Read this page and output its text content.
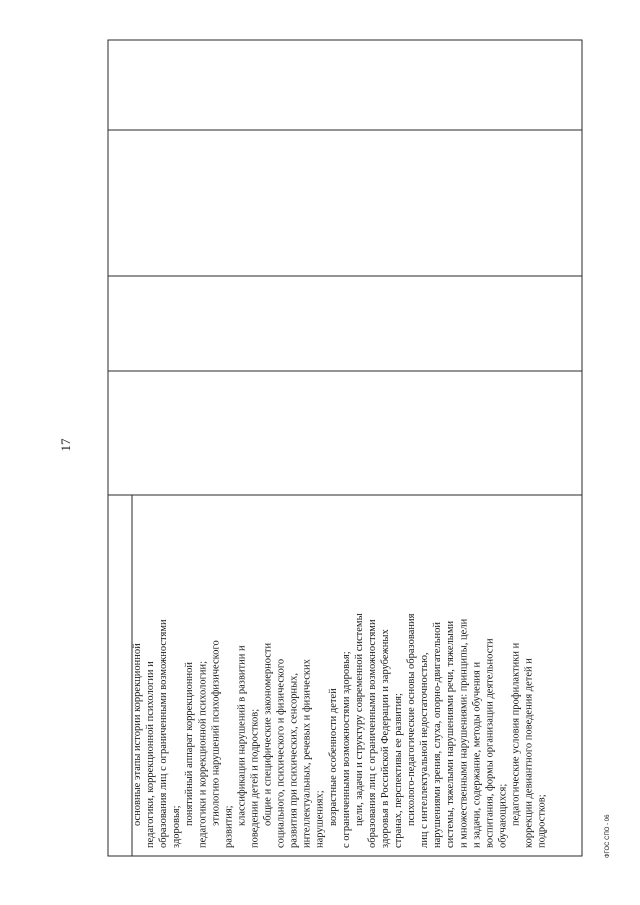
основные этапы истории коррекционной педагогики, коррекционной психологии и образования лиц с ограниченными возможностями здоровья;
понятийный аппарат коррекционной педагогики и коррекционной психологии; этиологию нарушений психофизического
развития;
классификации нарушений в развитии и поведении детей и подростков; общие и специфические закономерности социального, психического и физического развития при психических, сенсорных, интеллектуальных, речевых и физических нарушениях; возрастные особенности детей с ограниченными возможностями здоровья; цели, задачи и структуру современной системы образования лиц с ограниченными возможностями здоровья в Российской Федерации и зарубежных странах, перспективы ее развития; психолого-педагогические основы образования лиц с интеллектуальной недостаточностью, нарушениями зрения, слуха, опорно-двигательной системы, тяжелыми нарушениями речи, тяжелыми и множественными нарушениями: принципы, цели и задачи, содержание, методы обучения и воспитания, формы организации деятельности обучающихся; педагогические условия профилактики и коррекции девиантного поведения детей и подростков;
17
ФГОС СПО - 06
